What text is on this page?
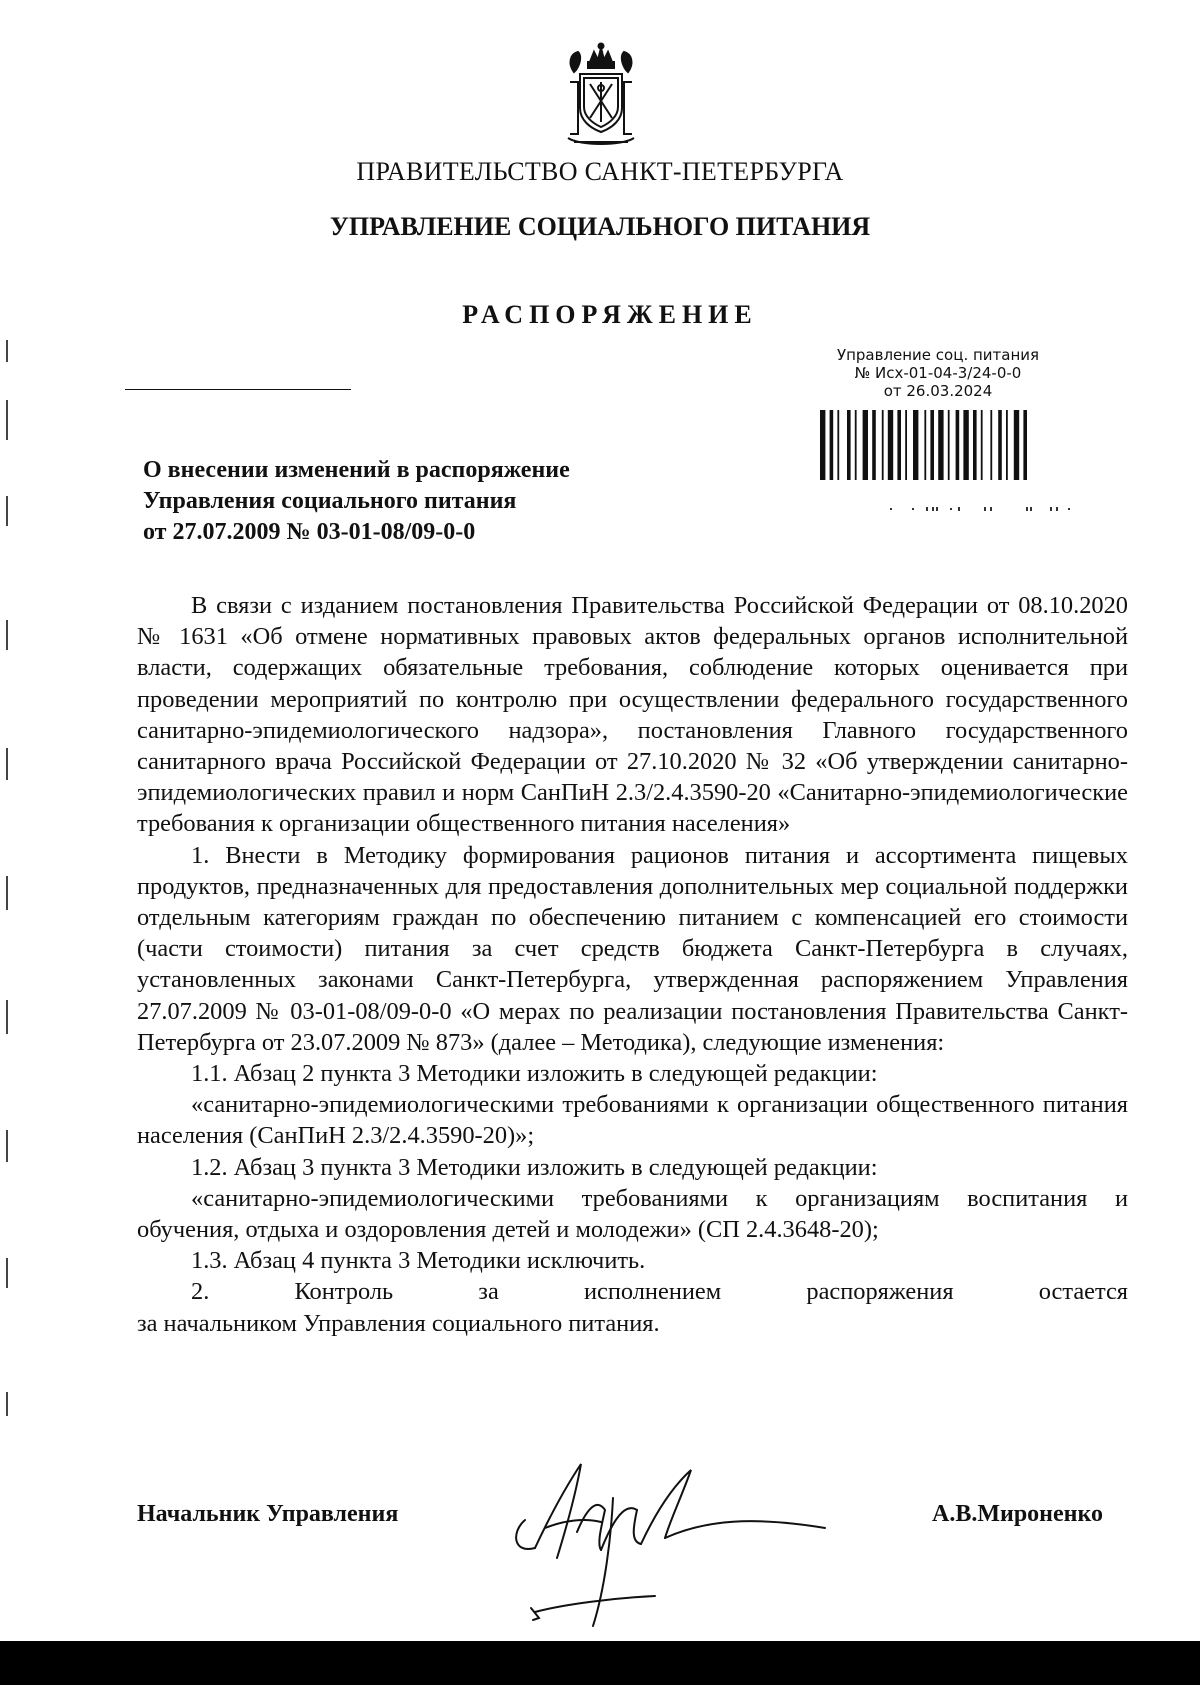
ПРАВИТЕЛЬСТВО САНКТ-ПЕТЕРБУРГА
УПРАВЛЕНИЕ СОЦИАЛЬНОГО ПИТАНИЯ
РАСПОРЯЖЕНИЕ
Управление соц. питания
№ Исх-01-04-3/24-0-0
от 26.03.2024
О внесении изменений в распоряжение
Управления социального питания
от 27.07.2009 № 03-01-08/09-0-0

В связи с изданием постановления Правительства Российской Федерации от 08.10.2020 № 1631 «Об отмене нормативных правовых актов федеральных органов исполнительной власти, содержащих обязательные требования, соблюдение которых оценивается при проведении мероприятий по контролю при осуществлении федерального государственного санитарно-эпидемиологического надзора», постановления Главного государственного санитарного врача Российской Федерации от 27.10.2020 № 32 «Об утверждении санитарно-эпидемиологических правил и норм СанПиН 2.3/2.4.3590-20 «Санитарно-эпидемиологические требования к организации общественного питания населения»

1. Внести в Методику формирования рационов питания и ассортимента пищевых продуктов, предназначенных для предоставления дополнительных мер социальной поддержки отдельным категориям граждан по обеспечению питанием с компенсацией его стоимости (части стоимости) питания за счет средств бюджета Санкт-Петербурга в случаях, установленных законами Санкт-Петербурга, утвержденная распоряжением Управления 27.07.2009 № 03-01-08/09-0-0 «О мерах по реализации постановления Правительства Санкт-Петербурга от 23.07.2009 № 873» (далее – Методика), следующие изменения:

1.1. Абзац 2 пункта 3 Методики изложить в следующей редакции:

«санитарно-эпидемиологическими требованиями к организации общественного питания населения (СанПиН 2.3/2.4.3590-20)»;

1.2. Абзац 3 пункта 3 Методики изложить в следующей редакции:

«санитарно-эпидемиологическими требованиями к организациям воспитания и обучения, отдыха и оздоровления детей и молодежи» (СП 2.4.3648-20);

1.3. Абзац 4 пункта 3 Методики исключить.

2. Контроль за исполнением распоряжения остается

за начальником Управления социального питания.

Начальник Управления	А.В.Мироненко
